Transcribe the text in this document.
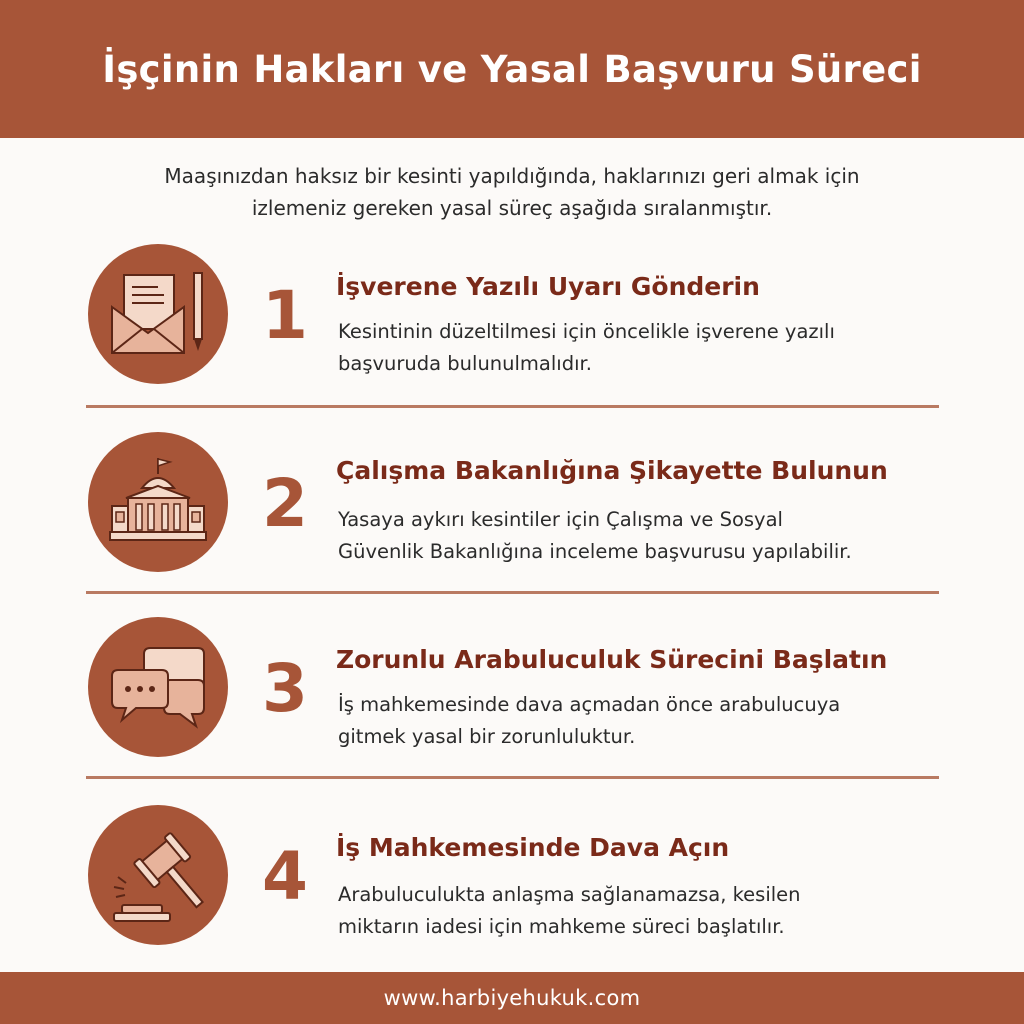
İşçinin Hakları ve Yasal Başvuru Süreci
Maaşınızdan haksız bir kesinti yapıldığında, haklarınızı geri almak için
izlemeniz gereken yasal süreç aşağıda sıralanmıştır.
1	İşverene Yazılı Uyarı Gönderin
Kesintinin düzeltilmesi için öncelikle işverene yazılı
başvuruda bulunulmalıdır.
2	Çalışma Bakanlığına Şikayette Bulunun
Yasaya aykırı kesintiler için Çalışma ve Sosyal
Güvenlik Bakanlığına inceleme başvurusu yapılabilir.
3	Zorunlu Arabuluculuk Sürecini Başlatın
İş mahkemesinde dava açmadan önce arabulucuya
gitmek yasal bir zorunluluktur.
4	İş Mahkemesinde Dava Açın
Arabuluculukta anlaşma sağlanamazsa, kesilen
miktarın iadesi için mahkeme süreci başlatılır.
www.harbiyehukuk.com
